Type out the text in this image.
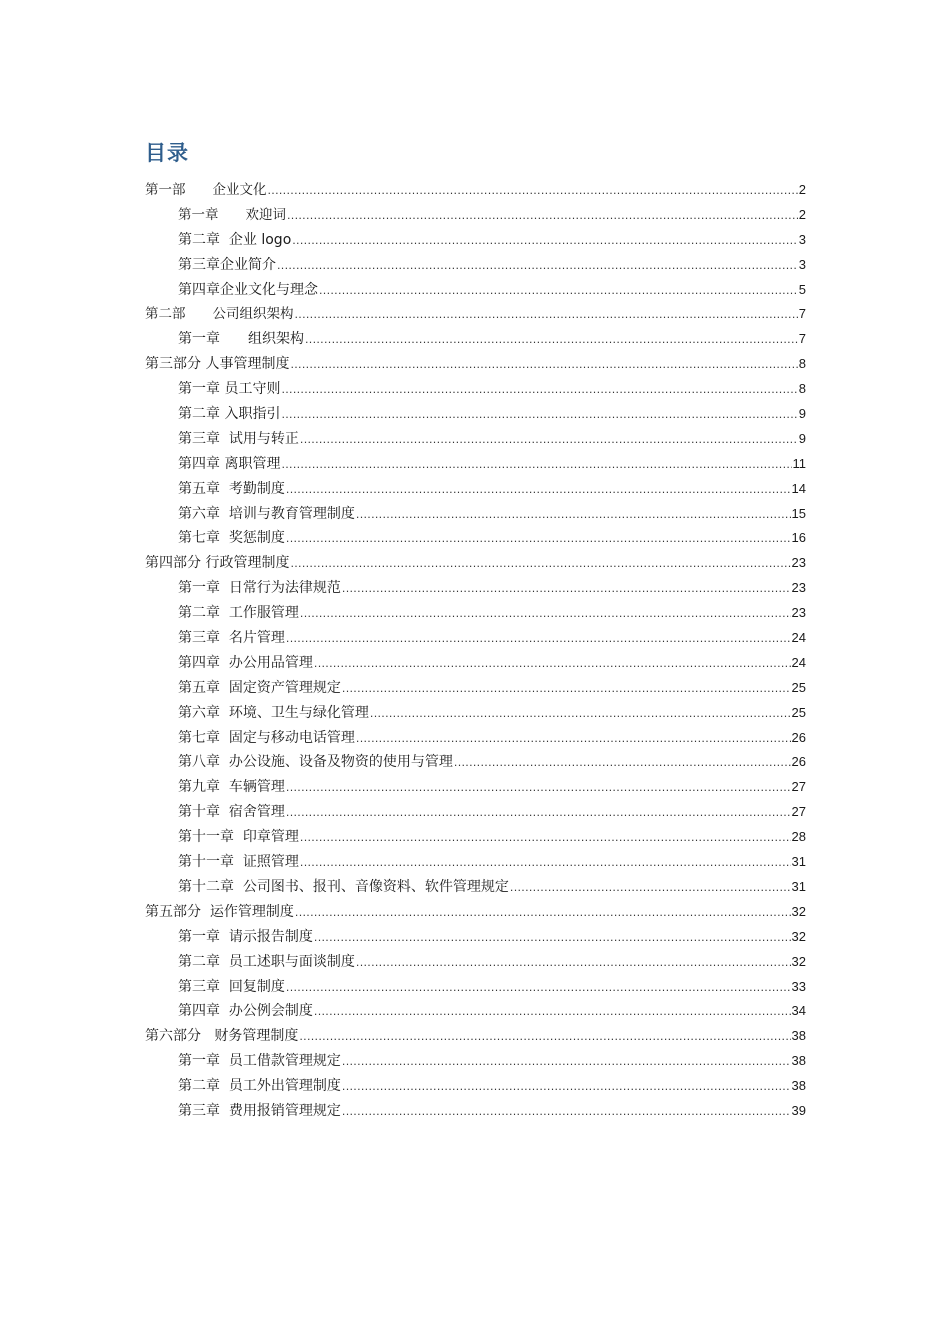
目录
第一部　　企业文化 .....	2
第一章　　欢迎词 .....	2
第二章  企业 logo .....	3
第三章企业简介 .....	3
第四章企业文化与理念 .....	5
第二部　　公司组织架构 .....	7
第一章　　组织架构 .....	7
第三部分 人事管理制度 .....	8
第一章 员工守则 .....	8
第二章 入职指引 .....	9
第三章  试用与转正 .....	9
第四章 离职管理 .....	11
第五章  考勤制度 .....	14
第六章  培训与教育管理制度 .....	15
第七章  奖惩制度 .....	16
第四部分 行政管理制度 .....	23
第一章  日常行为法律规范 .....	23
第二章  工作服管理 .....	23
第三章  名片管理 .....	24
第四章  办公用品管理 .....	24
第五章  固定资产管理规定 .....	25
第六章  环境、卫生与绿化管理 .....	25
第七章  固定与移动电话管理 .....	26
第八章  办公设施、设备及物资的使用与管理 .....	26
第九章  车辆管理 .....	27
第十章  宿舍管理 .....	27
第十一章  印章管理 .....	28
第十一章  证照管理 .....	31
第十二章  公司图书、报刊、音像资料、软件管理规定 .....	31
第五部分  运作管理制度 .....	32
第一章  请示报告制度 .....	32
第二章  员工述职与面谈制度 .....	32
第三章  回复制度 .....	33
第四章  办公例会制度 .....	34
第六部分   财务管理制度 .....	38
第一章  员工借款管理规定 .....	38
第二章  员工外出管理制度 .....	38
第三章  费用报销管理规定 .....	39
